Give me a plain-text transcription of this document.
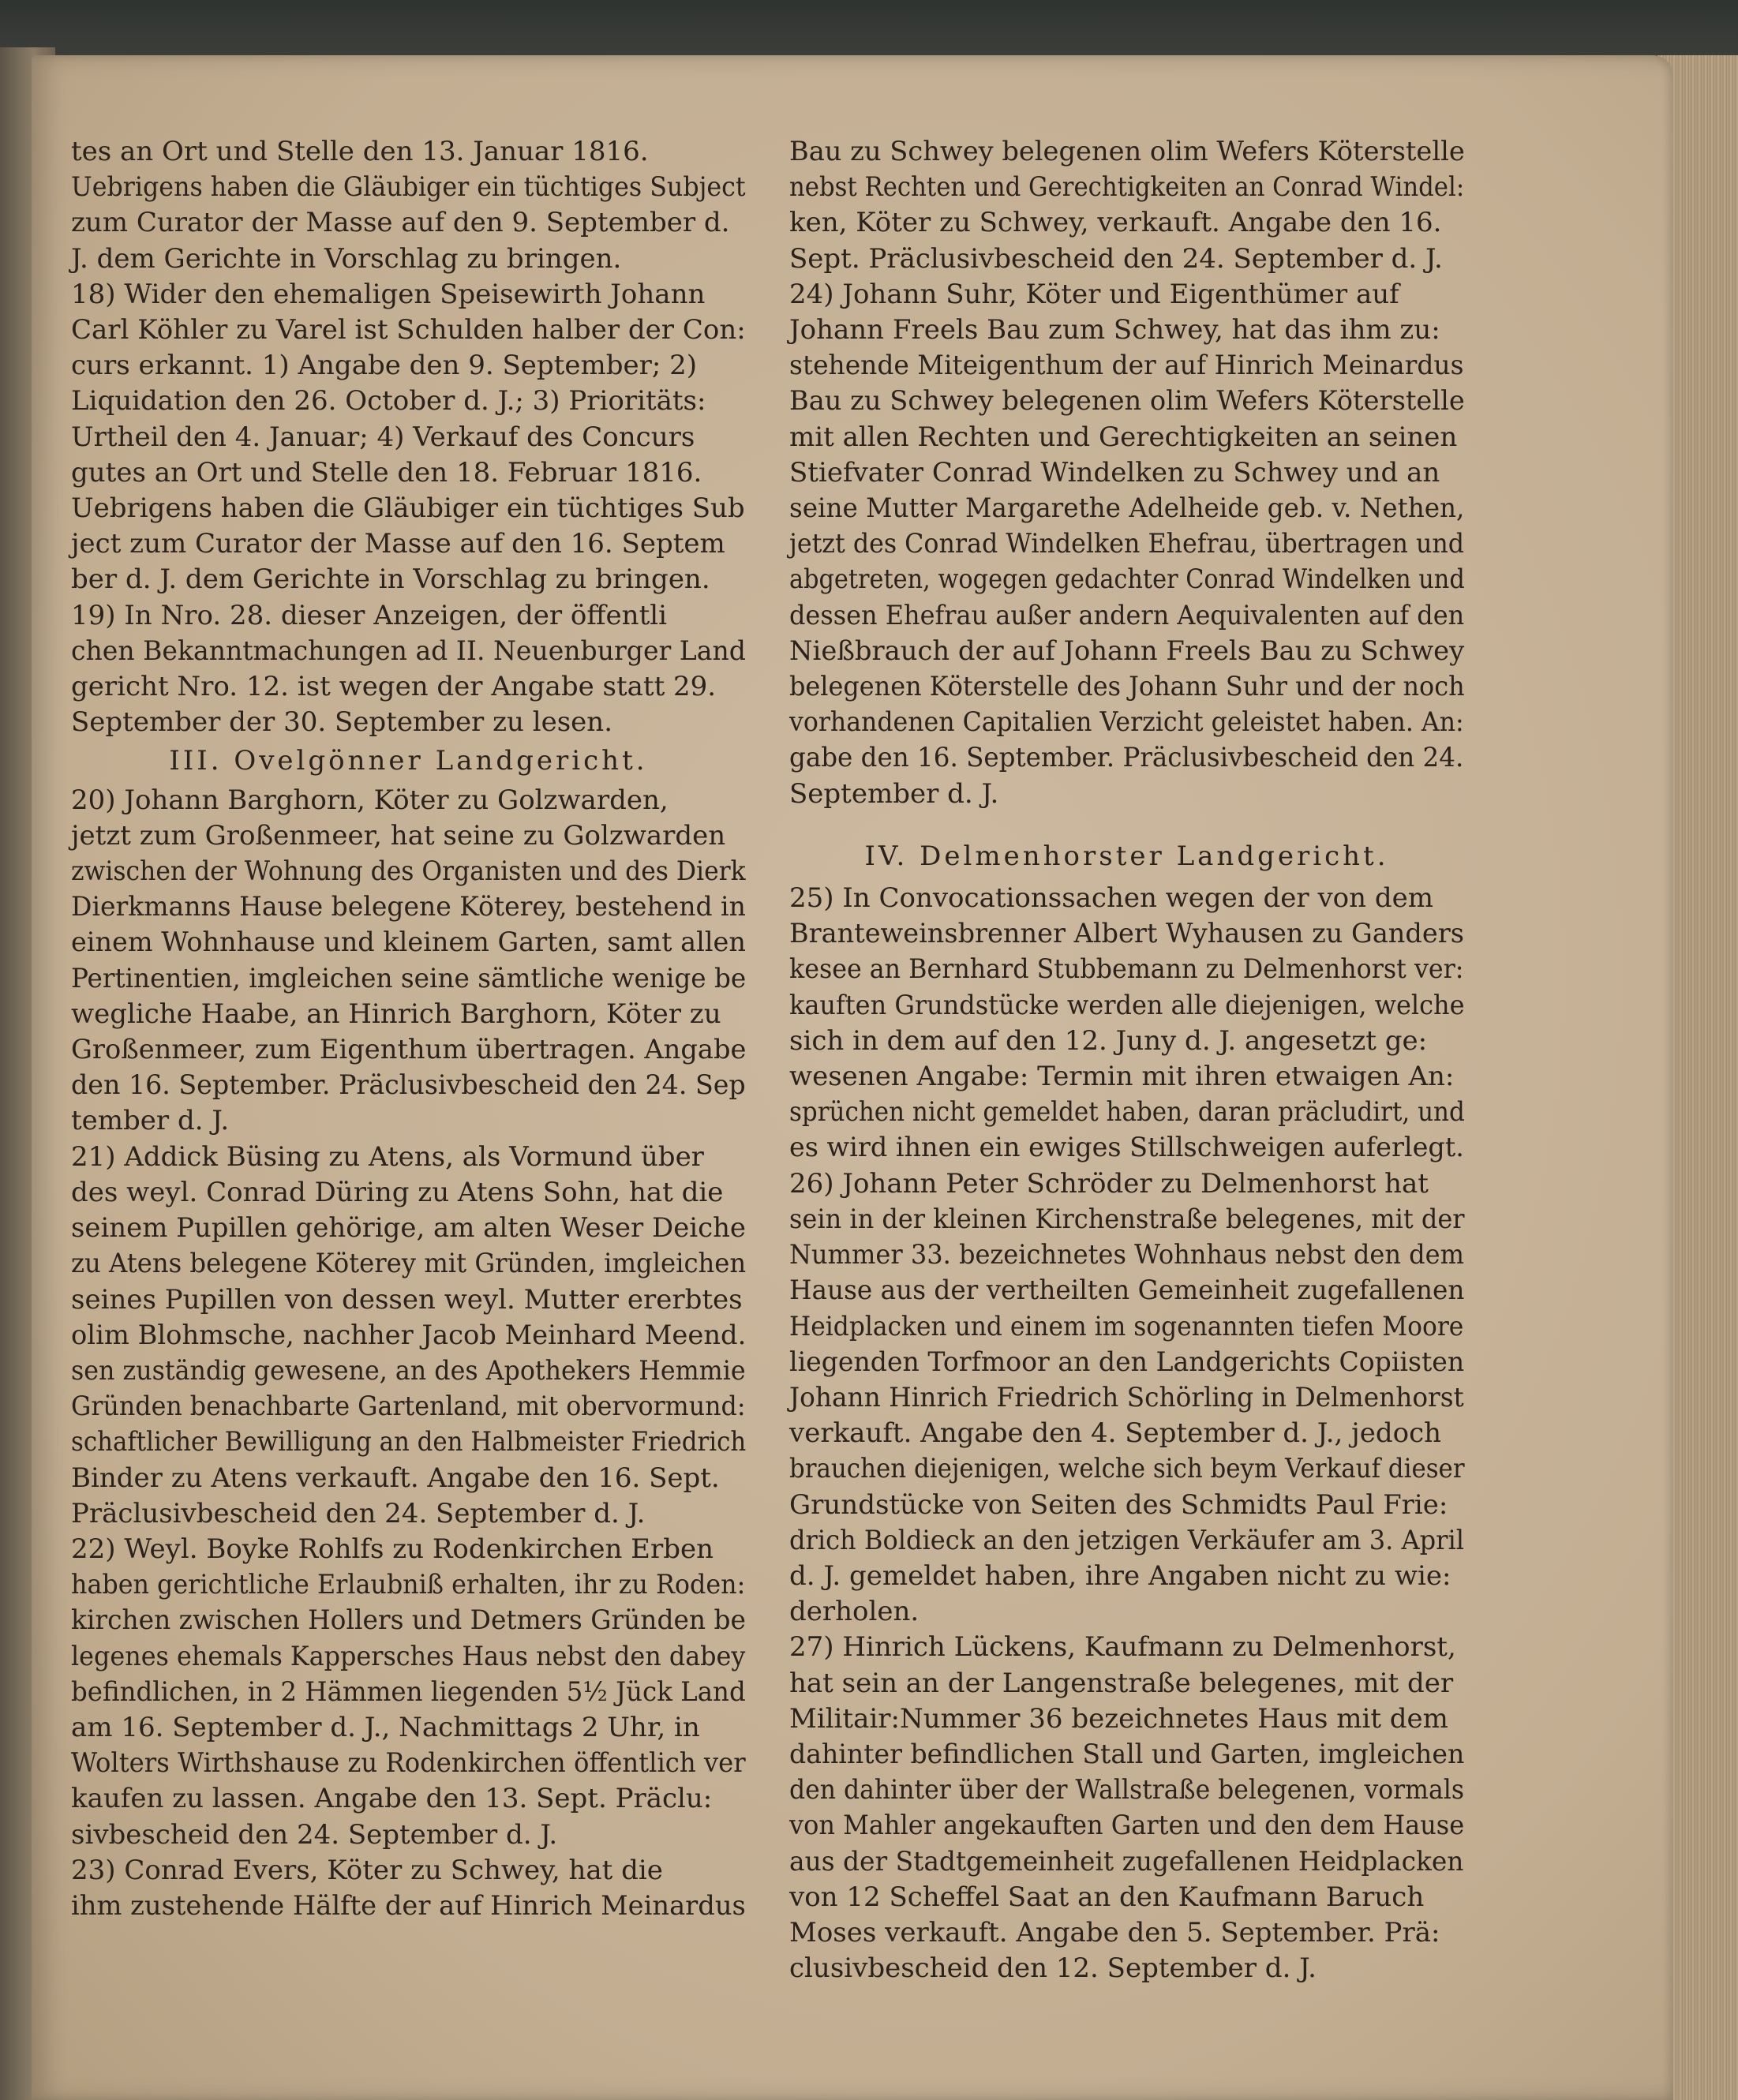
tes an Ort und Stelle den 13. Januar 1816.
Uebrigens haben die Gläubiger ein tüchtiges Subject
zum Curator der Masse auf den 9. September d.
J. dem Gerichte in Vorschlag zu bringen.
18) Wider den ehemaligen Speisewirth Johann
Carl Köhler zu Varel ist Schulden halber der Con:
curs erkannt. 1) Angabe den 9. September; 2)
Liquidation den 26. October d. J.; 3) Prioritäts:
Urtheil den 4. Januar; 4) Verkauf des Concurs
gutes an Ort und Stelle den 18. Februar 1816.
Uebrigens haben die Gläubiger ein tüchtiges Sub
ject zum Curator der Masse auf den 16. Septem
ber d. J. dem Gerichte in Vorschlag zu bringen.
19) In Nro. 28. dieser Anzeigen, der öffentli
chen Bekanntmachungen ad II. Neuenburger Land
gericht Nro. 12. ist wegen der Angabe statt 29.
September der 30. September zu lesen.
III. Ovelgönner Landgericht.
20) Johann Barghorn, Köter zu Golzwarden,
jetzt zum Großenmeer, hat seine zu Golzwarden
zwischen der Wohnung des Organisten und des Dierk
Dierkmanns Hause belegene Köterey, bestehend in
einem Wohnhause und kleinem Garten, samt allen
Pertinentien, imgleichen seine sämtliche wenige be
wegliche Haabe, an Hinrich Barghorn, Köter zu
Großenmeer, zum Eigenthum übertragen. Angabe
den 16. September. Präclusivbescheid den 24. Sep
tember d. J.
21) Addick Büsing zu Atens, als Vormund über
des weyl. Conrad Düring zu Atens Sohn, hat die
seinem Pupillen gehörige, am alten Weser Deiche
zu Atens belegene Köterey mit Gründen, imgleichen
seines Pupillen von dessen weyl. Mutter ererbtes
olim Blohmsche, nachher Jacob Meinhard Meend.
sen zuständig gewesene, an des Apothekers Hemmie
Gründen benachbarte Gartenland, mit obervormund:
schaftlicher Bewilligung an den Halbmeister Friedrich
Binder zu Atens verkauft. Angabe den 16. Sept.
Präclusivbescheid den 24. September d. J.
22) Weyl. Boyke Rohlfs zu Rodenkirchen Erben
haben gerichtliche Erlaubniß erhalten, ihr zu Roden:
kirchen zwischen Hollers und Detmers Gründen be
legenes ehemals Kappersches Haus nebst den dabey
befindlichen, in 2 Hämmen liegenden 5½ Jück Land
am 16. September d. J., Nachmittags 2 Uhr, in
Wolters Wirthshause zu Rodenkirchen öffentlich ver
kaufen zu lassen. Angabe den 13. Sept. Präclu:
sivbescheid den 24. September d. J.
23) Conrad Evers, Köter zu Schwey, hat die
ihm zustehende Hälfte der auf Hinrich Meinardus
Bau zu Schwey belegenen olim Wefers Köterstelle
nebst Rechten und Gerechtigkeiten an Conrad Windel:
ken, Köter zu Schwey, verkauft. Angabe den 16.
Sept. Präclusivbescheid den 24. September d. J.
24) Johann Suhr, Köter und Eigenthümer auf
Johann Freels Bau zum Schwey, hat das ihm zu:
stehende Miteigenthum der auf Hinrich Meinardus
Bau zu Schwey belegenen olim Wefers Köterstelle
mit allen Rechten und Gerechtigkeiten an seinen
Stiefvater Conrad Windelken zu Schwey und an
seine Mutter Margarethe Adelheide geb. v. Nethen,
jetzt des Conrad Windelken Ehefrau, übertragen und
abgetreten, wogegen gedachter Conrad Windelken und
dessen Ehefrau außer andern Aequivalenten auf den
Nießbrauch der auf Johann Freels Bau zu Schwey
belegenen Köterstelle des Johann Suhr und der noch
vorhandenen Capitalien Verzicht geleistet haben. An:
gabe den 16. September. Präclusivbescheid den 24.
September d. J.
IV. Delmenhorster Landgericht.
25) In Convocationssachen wegen der von dem
Branteweinsbrenner Albert Wyhausen zu Ganders
kesee an Bernhard Stubbemann zu Delmenhorst ver:
kauften Grundstücke werden alle diejenigen, welche
sich in dem auf den 12. Juny d. J. angesetzt ge:
wesenen Angabe: Termin mit ihren etwaigen An:
sprüchen nicht gemeldet haben, daran präcludirt, und
es wird ihnen ein ewiges Stillschweigen auferlegt.
26) Johann Peter Schröder zu Delmenhorst hat
sein in der kleinen Kirchenstraße belegenes, mit der
Nummer 33. bezeichnetes Wohnhaus nebst den dem
Hause aus der vertheilten Gemeinheit zugefallenen
Heidplacken und einem im sogenannten tiefen Moore
liegenden Torfmoor an den Landgerichts Copiisten
Johann Hinrich Friedrich Schörling in Delmenhorst
verkauft. Angabe den 4. September d. J., jedoch
brauchen diejenigen, welche sich beym Verkauf dieser
Grundstücke von Seiten des Schmidts Paul Frie:
drich Boldieck an den jetzigen Verkäufer am 3. April
d. J. gemeldet haben, ihre Angaben nicht zu wie:
derholen.
27) Hinrich Lückens, Kaufmann zu Delmenhorst,
hat sein an der Langenstraße belegenes, mit der
Militair:Nummer 36 bezeichnetes Haus mit dem
dahinter befindlichen Stall und Garten, imgleichen
den dahinter über der Wallstraße belegenen, vormals
von Mahler angekauften Garten und den dem Hause
aus der Stadtgemeinheit zugefallenen Heidplacken
von 12 Scheffel Saat an den Kaufmann Baruch
Moses verkauft. Angabe den 5. September. Prä:
clusivbescheid den 12. September d. J.
